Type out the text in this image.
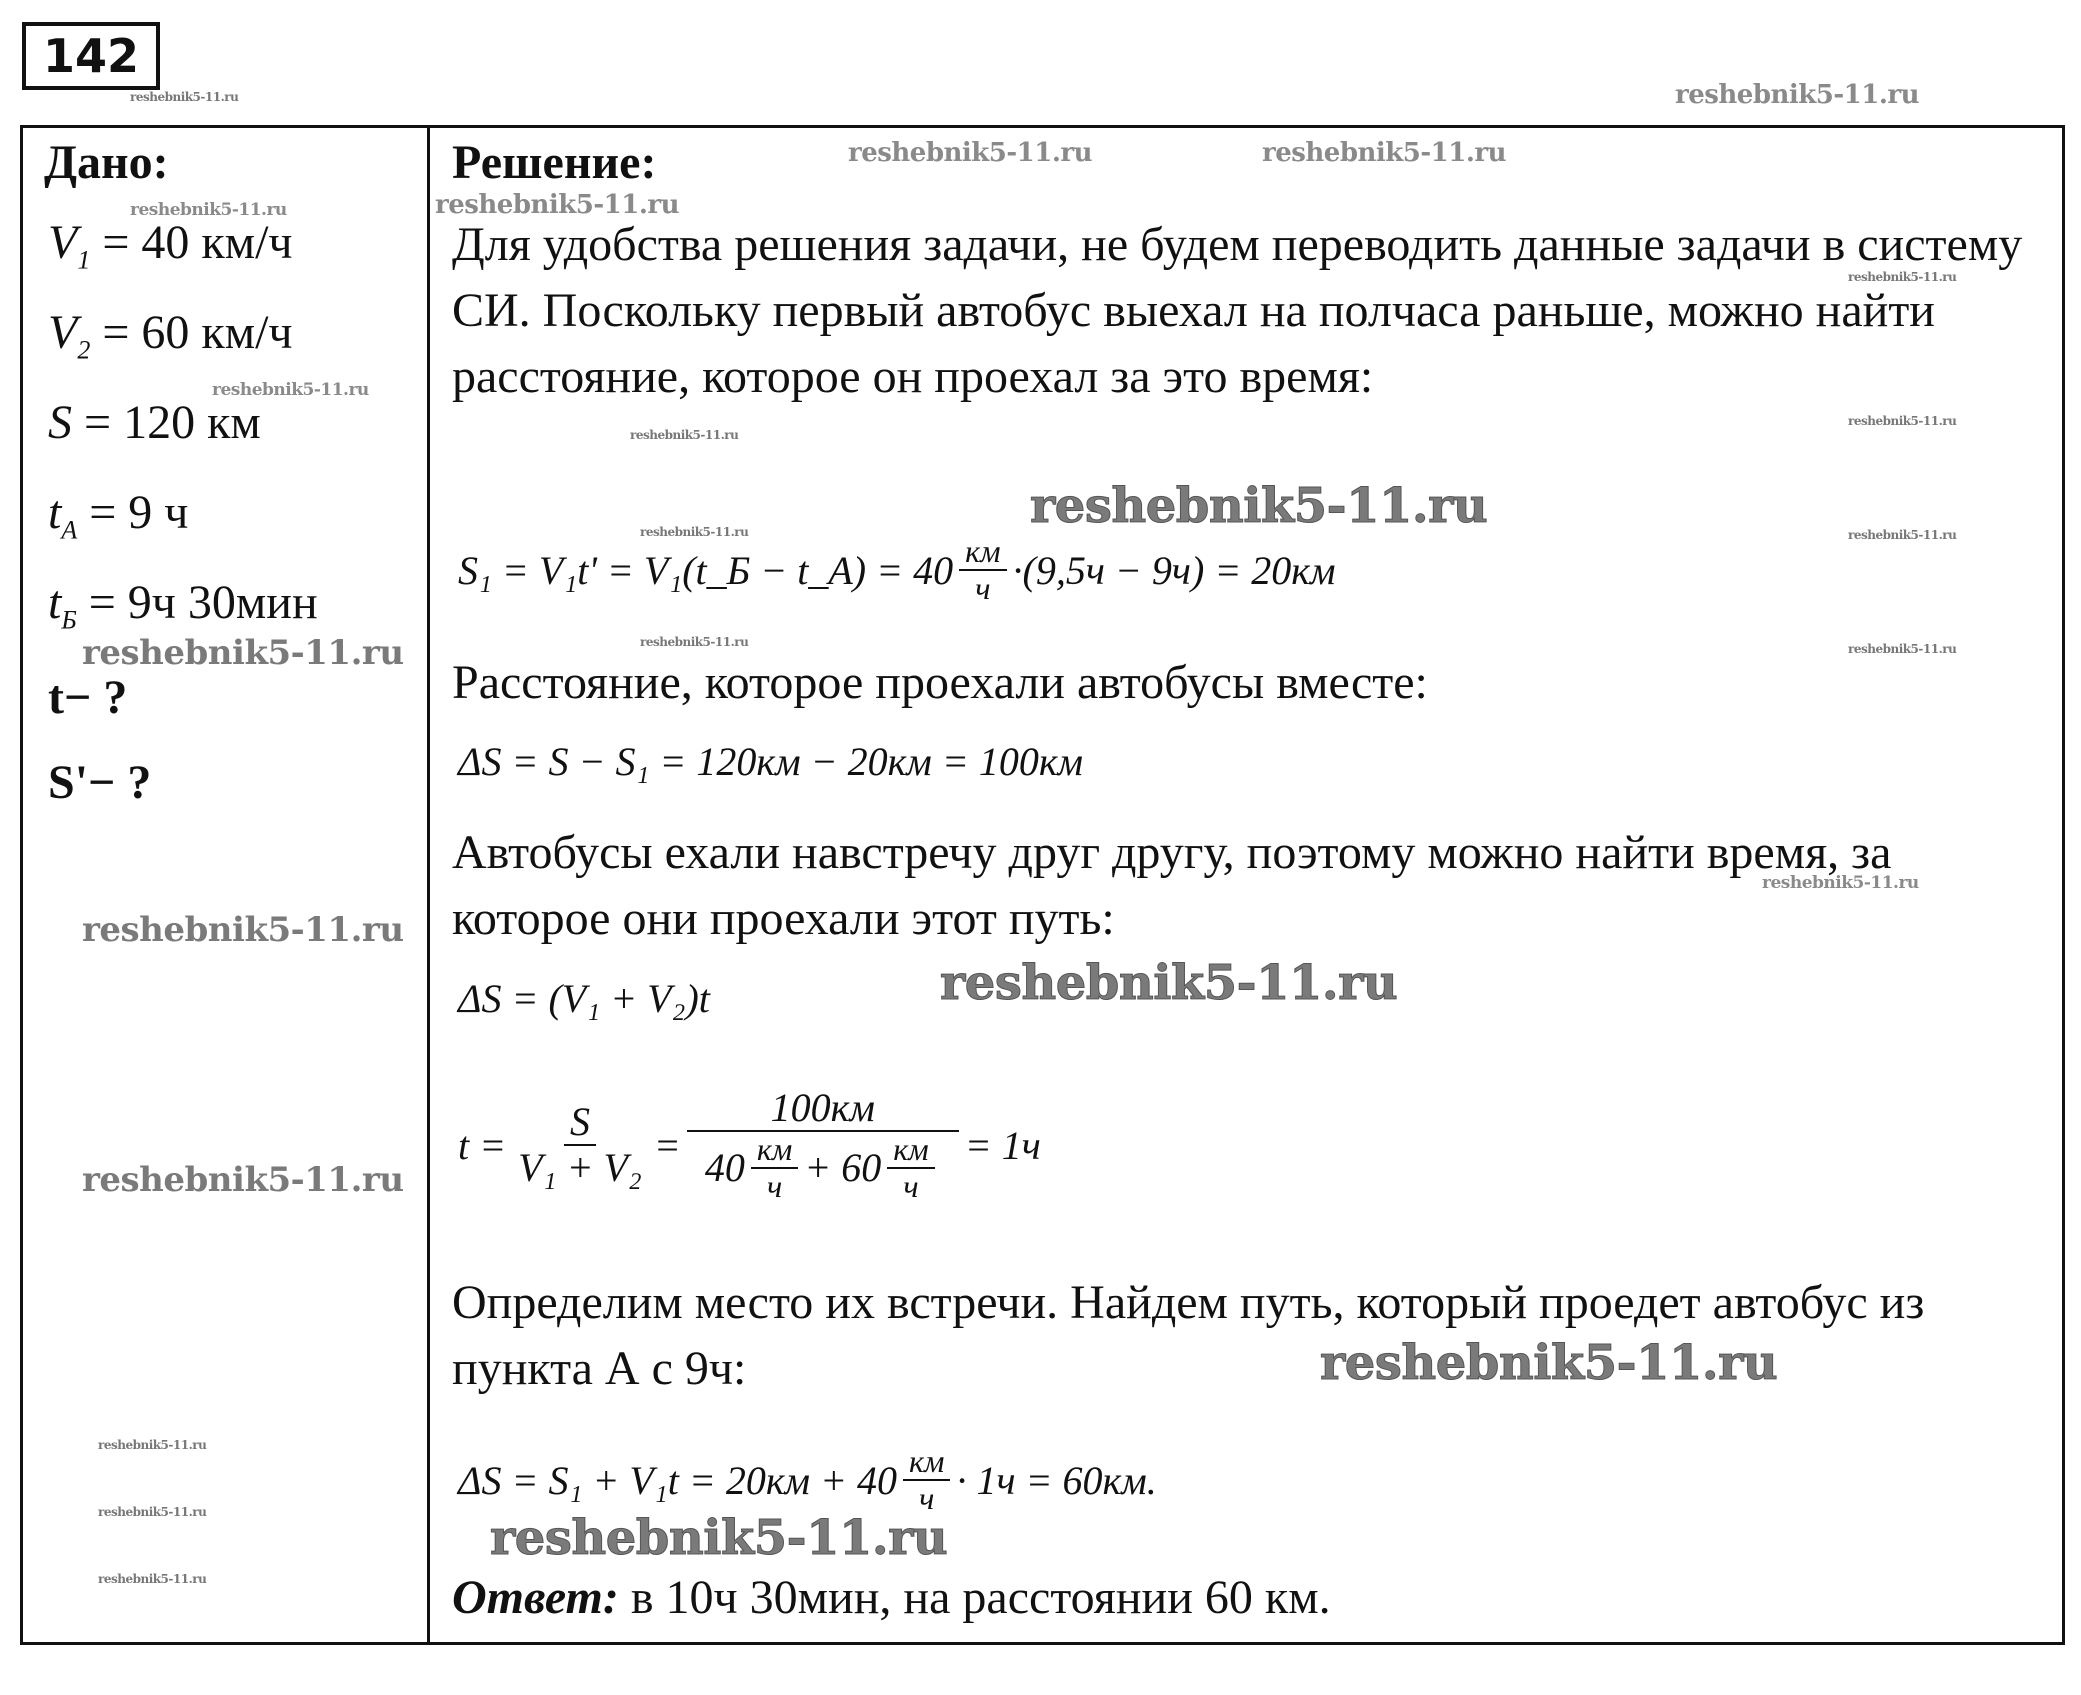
142
Дано:
$V_1 = 40$ км/ч
$V_2 = 60$ км/ч
S = 120 км
$t_A = 9$ ч
$t_Б = 9ч$ 30мин
t− ?
S'− ?
Решение:
Для удобства решения задачи, не будем переводить данные задачи в систему СИ. Поскольку первый автобус выехал на полчаса раньше, можно найти расстояние, которое он проехал за это время:
S₁ = V₁t' = V₁(t_Б − t_A) = $40 \frac{км}{ч} \cdot(9,5ч - 9ч) = 20км$
Расстояние, которое проехали автобусы вместе:
ΔS = S − S₁ = 120км − 20км = 100км
Автобусы ехали навстречу друг другу, поэтому можно найти время, за которое они проехали этот путь:
ΔS = (V₁ + V₂)t
$t = \frac{S}{\text{V₁ + V₂}}$ =
100км
$40 \frac{км}{ч} + 60 \frac{км}{ч} = 1ч$
Определим место их встречи. Найдем путь, который проедет автобус из пункта А с 9ч:
$\Delta S = S_1 + V_1t = 20км + 40 \frac{км}{ч} \cdot 1ч = 60км$.
Ответ: в 10ч 30мин, на расстоянии 60 км.
reshebnik5-11.ru	reshebnik5-11.ru
reshebnik5-11.ru	reshebnik5-11.ru
reshebnik5-11.ru	reshebnik5-11.ru
reshebnik5-11.ru
reshebnik5-11.ru
reshebnik5-11.ru
reshebnik5-11.ru
reshebnik5-11.ru
reshebnik5-11.ru
reshebnik5-11.ru
reshebnik5-11.ru	reshebnik5-11.ru
reshebnik5-11.ru
reshebnik5-11.ru
reshebnik5-11.ru
reshebnik5-11.ru
reshebnik5-11.ru
reshebnik5-11.ru
reshebnik5-11.ru
reshebnik5-11.ru
reshebnik5-11.ru
reshebnik5-11.ru
